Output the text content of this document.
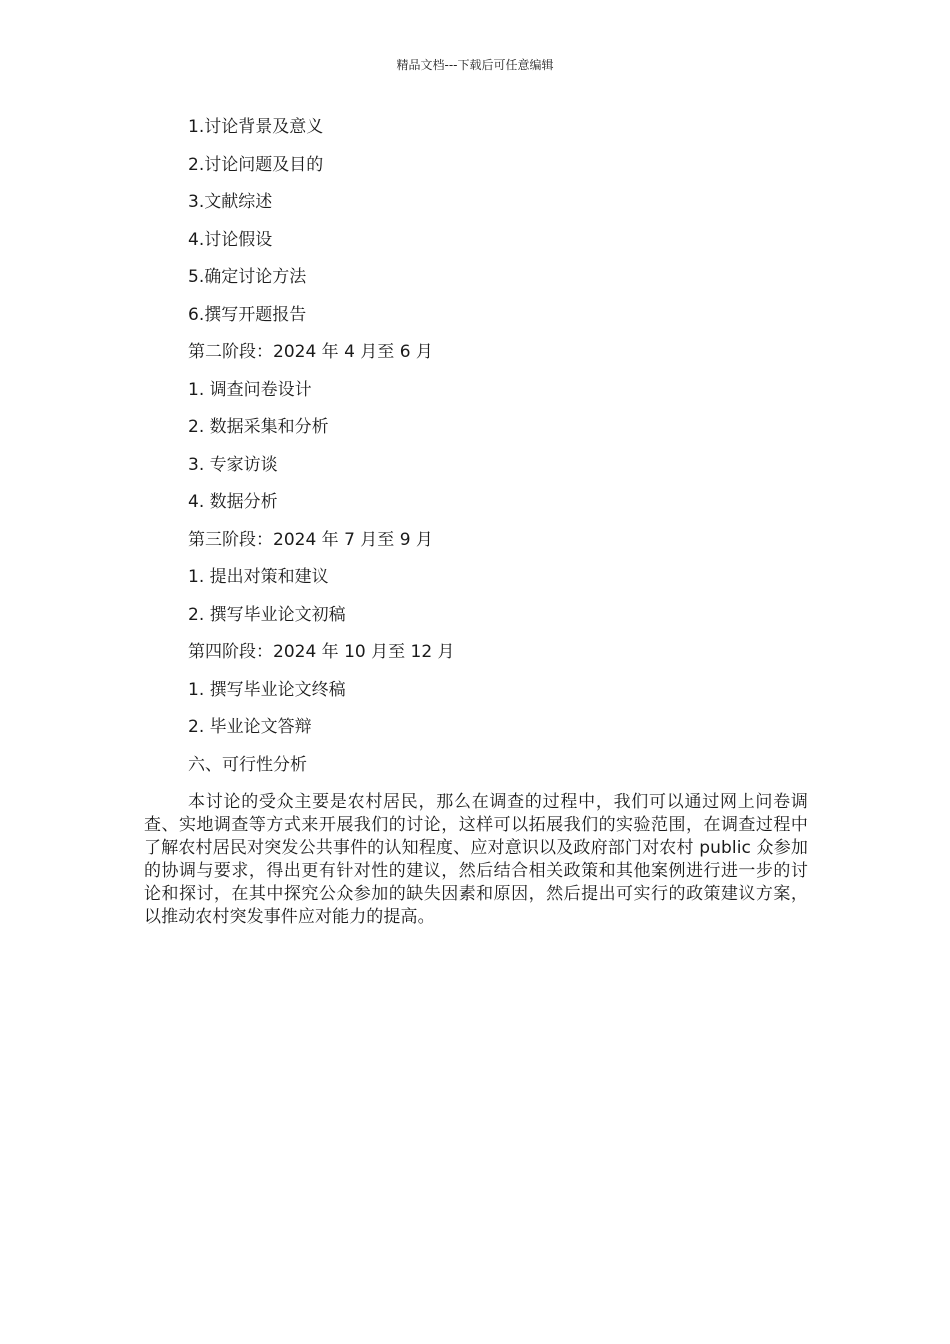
精品文档---下载后可任意编辑
1.讨论背景及意义
2.讨论问题及目的
3.文献综述
4.讨论假设
5.确定讨论方法
6.撰写开题报告
第二阶段：2024 年 4 月至 6 月
1. 调查问卷设计
2. 数据采集和分析
3. 专家访谈
4. 数据分析
第三阶段：2024 年 7 月至 9 月
1. 提出对策和建议
2. 撰写毕业论文初稿
第四阶段：2024 年 10 月至 12 月
1. 撰写毕业论文终稿
2. 毕业论文答辩
六、可行性分析
本讨论的受众主要是农村居民，那么在调查的过程中，我们可以通过网上问卷调查、实地调查等方式来开展我们的讨论，这样可以拓展我们的实验范围，在调查过程中了解农村居民对突发公共事件的认知程度、应对意识以及政府部门对农村 public 众参加的协调与要求，得出更有针对性的建议，然后结合相关政策和其他案例进行进一步的讨论和探讨，在其中探究公众参加的缺失因素和原因，然后提出可实行的政策建议方案，以推动农村突发事件应对能力的提高。
